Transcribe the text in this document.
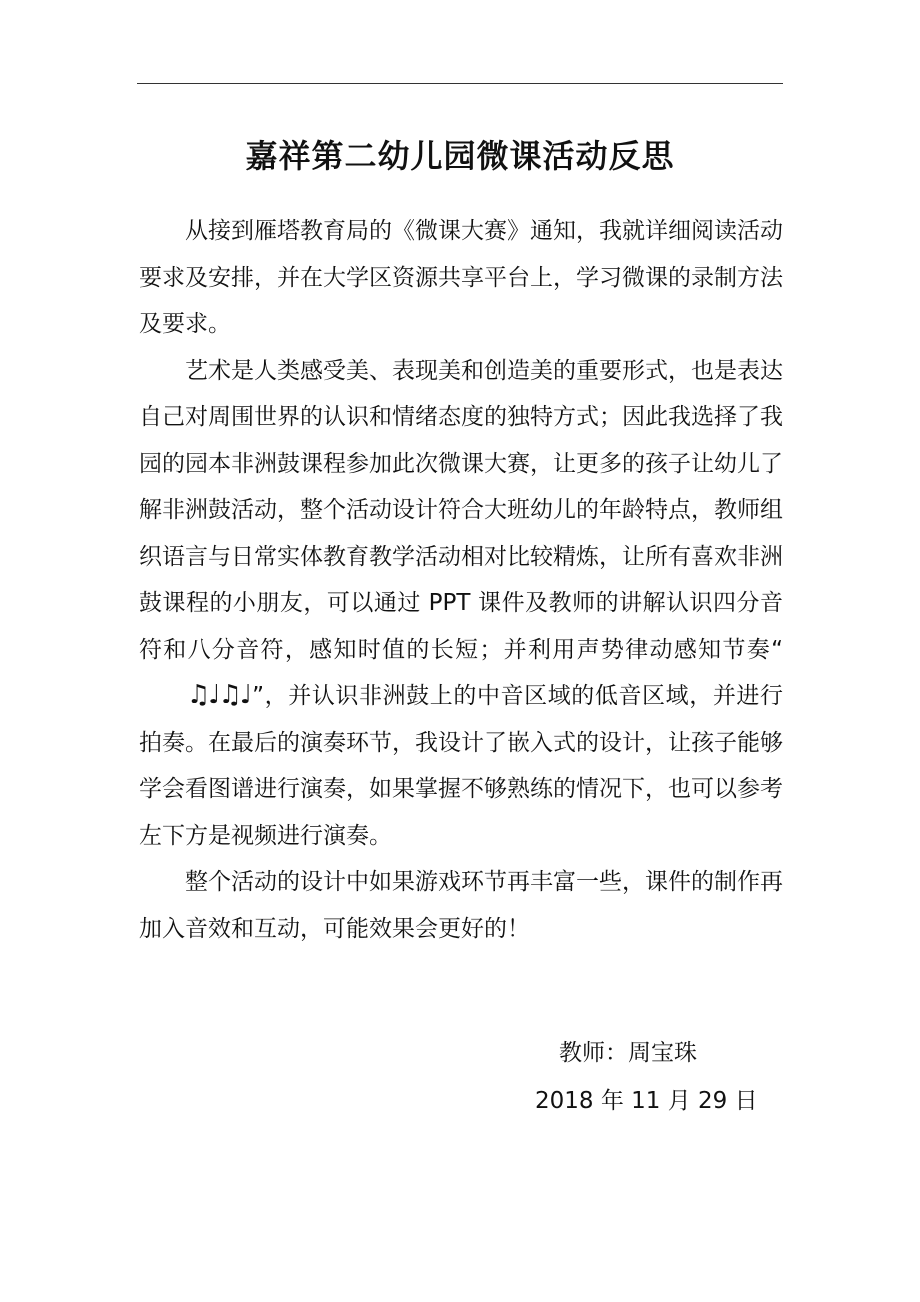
嘉祥第二幼儿园微课活动反思

从接到雁塔教育局的《微课大赛》通知，我就详细阅读活动要求及安排，并在大学区资源共享平台上，学习微课的录制方法及要求。

艺术是人类感受美、表现美和创造美的重要形式，也是表达自己对周围世界的认识和情绪态度的独特方式；因此我选择了我园的园本非洲鼓课程参加此次微课大赛，让更多的孩子让幼儿了解非洲鼓活动，整个活动设计符合大班幼儿的年龄特点，教师组织语言与日常实体教育教学活动相对比较精炼，让所有喜欢非洲鼓课程的小朋友，可以通过 PPT 课件及教师的讲解认识四分音符和八分音符，感知时值的长短；并利用声势律动感知节奏“♫♩♫♩”，并认识非洲鼓上的中音区域的低音区域，并进行拍奏。在最后的演奏环节，我设计了嵌入式的设计，让孩子能够学会看图谱进行演奏，如果掌握不够熟练的情况下，也可以参考左下方是视频进行演奏。

整个活动的设计中如果游戏环节再丰富一些，课件的制作再加入音效和互动，可能效果会更好的！

教师：周宝珠
2018 年 11 月 29 日
